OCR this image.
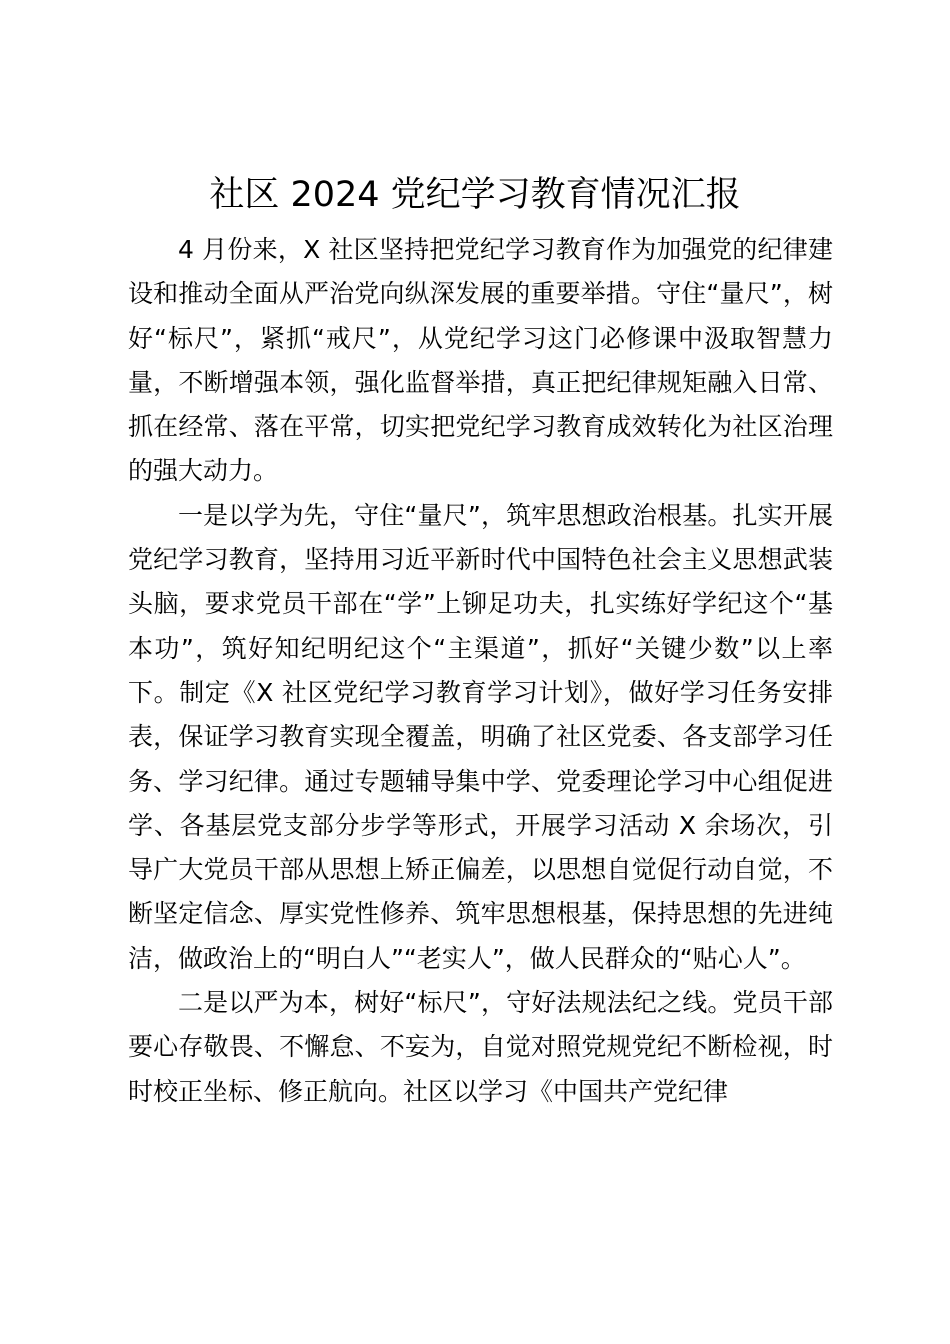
社区 2024 党纪学习教育情况汇报

4 月份来，X 社区坚持把党纪学习教育作为加强党的纪律建设和推动全面从严治党向纵深发展的重要举措。守住“量尺”，树好“标尺”，紧抓“戒尺”，从党纪学习这门必修课中汲取智慧力量，不断增强本领，强化监督举措，真正把纪律规矩融入日常、抓在经常、落在平常，切实把党纪学习教育成效转化为社区治理的强大动力。

一是以学为先，守住“量尺”，筑牢思想政治根基。扎实开展党纪学习教育，坚持用习近平新时代中国特色社会主义思想武装头脑，要求党员干部在“学”上铆足功夫，扎实练好学纪这个“基本功”，筑好知纪明纪这个“主渠道”，抓好“关键少数”以上率下。制定《X 社区党纪学习教育学习计划》，做好学习任务安排表，保证学习教育实现全覆盖，明确了社区党委、各支部学习任务、学习纪律。通过专题辅导集中学、党委理论学习中心组促进学、各基层党支部分步学等形式，开展学习活动 X 余场次，引导广大党员干部从思想上矫正偏差，以思想自觉促行动自觉，不断坚定信念、厚实党性修养、筑牢思想根基，保持思想的先进纯洁，做政治上的“明白人”“老实人”，做人民群众的“贴心人”。

二是以严为本，树好“标尺”，守好法规法纪之线。党员干部要心存敬畏、不懈怠、不妄为，自觉对照党规党纪不断检视，时时校正坐标、修正航向。社区以学习《中国共产党纪律
